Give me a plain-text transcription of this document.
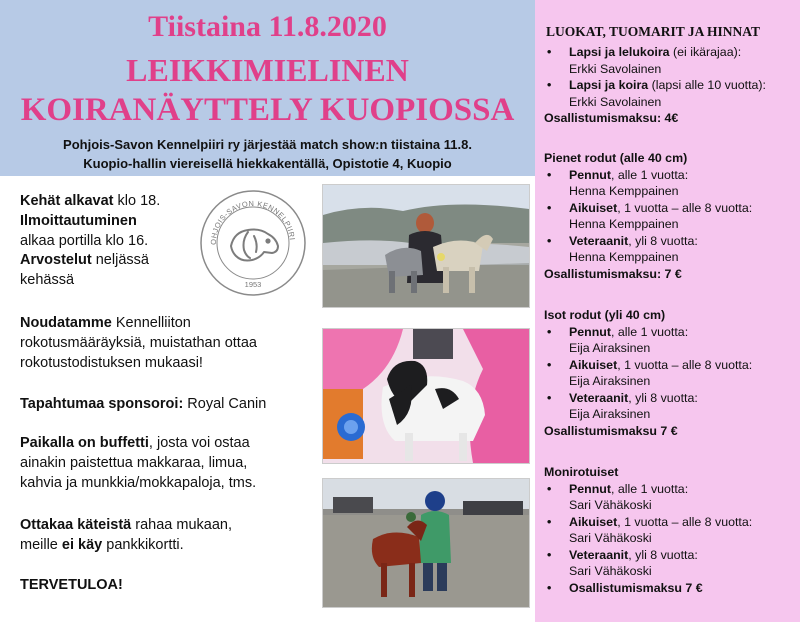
Tiistaina 11.8.2020
LEIKKIMIELINEN
KOIRANÄYTTELY KUOPIOSSA
Pohjois-Savon Kennelpiiri ry järjestää match show:n tiistaina 11.8.
Kuopio-hallin viereisellä hiekkakentällä, Opistotie 4, Kuopio
Kehät alkavat klo 18.
Ilmoittautuminen
alkaa portilla klo 16.
Arvostelut neljässä
kehässä
Noudatamme Kennelliiton
rokotusmääräyksiä, muistathan ottaa
rokotustodistuksen mukaasi!
Tapahtumaa sponsoroi: Royal Canin
Paikalla on buffetti, josta voi ostaa
ainakin paistettua makkaraa, limua,
kahvia ja munkkia/mokkapaloja, tms.
Ottakaa käteistä rahaa mukaan,
meille ei käy pankkikortti.
TERVETULOA!
OHJOIS-SAVON KENNELPIIRI
1953
LUOKAT, TUOMARIT JA HINNAT
• Lapsi ja lelukoira (ei ikärajaa):
Erkki Savolainen
• Lapsi ja koira (lapsi alle 10 vuotta):
Erkki Savolainen
Osallistumismaksu: 4€
Pienet rodut (alle 40 cm)
• Pennut, alle 1 vuotta:
Henna Kemppainen
• Aikuiset, 1 vuotta – alle 8 vuotta:
Henna Kemppainen
• Veteraanit, yli 8 vuotta:
Henna Kemppainen
Osallistumismaksu: 7 €
Isot rodut (yli 40 cm)
• Pennut, alle 1 vuotta:
Eija Airaksinen
• Aikuiset, 1 vuotta – alle 8 vuotta:
Eija Airaksinen
• Veteraanit, yli 8 vuotta:
Eija Airaksinen
Osallistumismaksu 7 €
Monirotuiset
• Pennut, alle 1 vuotta:
Sari Vähäkoski
• Aikuiset, 1 vuotta – alle 8 vuotta:
Sari Vähäkoski
• Veteraanit, yli 8 vuotta:
Sari Vähäkoski
• Osallistumismaksu 7 €
